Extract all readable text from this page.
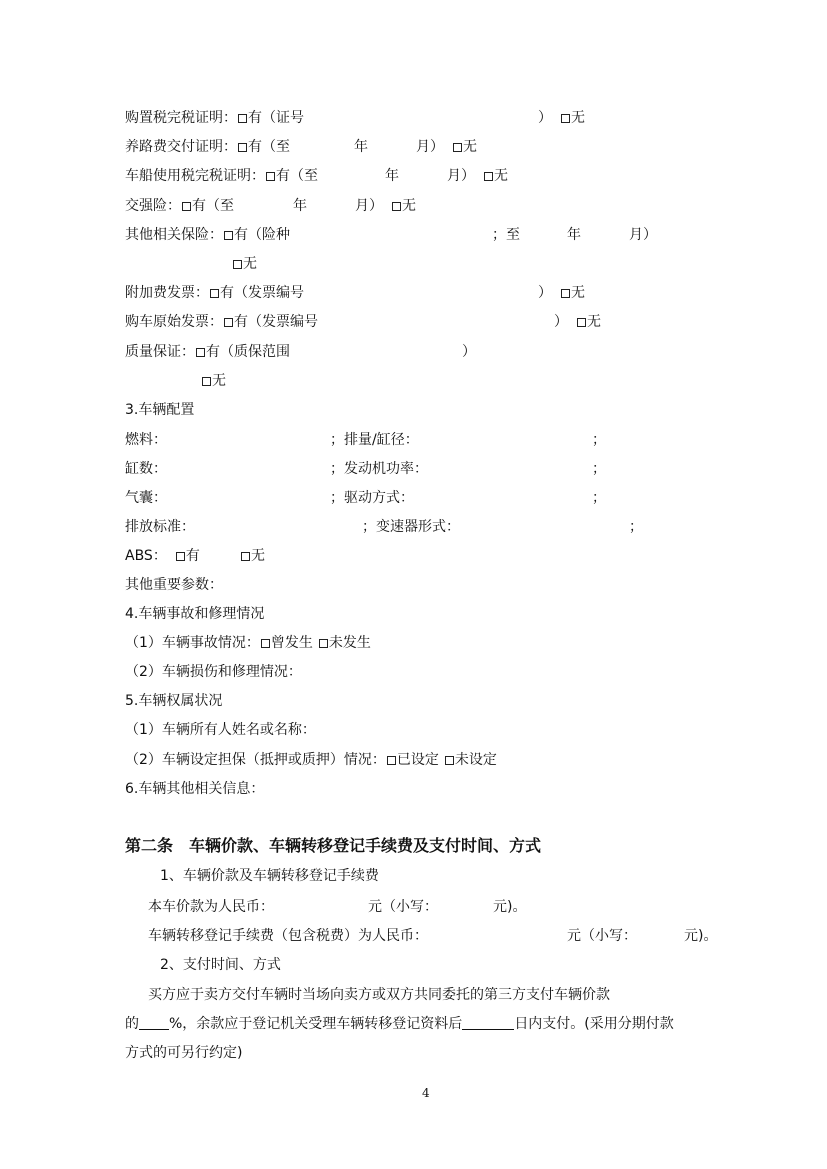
购置税完税证明： 有（证号	） 无
养路费交付证明： 有（至	年	月） 无
车船使用税完税证明： 有（至	年	月） 无
交强险： 有（至	年	月） 无
其他相关保险： 有（险种	；至	年	月）
无
附加费发票： 有（发票编号	） 无
购车原始发票： 有（发票编号	） 无
质量保证： 有（质保范围	）
无
3.车辆配置
燃料：	；排量/缸径：	；
缸数：	；发动机功率：	；
气囊：	；驱动方式：	；
排放标准：	；变速器形式：	；
ABS： 有	无
其他重要参数：
4.车辆事故和修理情况
（1）车辆事故情况： 曾发生 未发生
（2）车辆损伤和修理情况：
5.车辆权属状况
（1）车辆所有人姓名或名称：
（2）车辆设定担保（抵押或质押）情况： 已设定 未设定
6.车辆其他相关信息：
第二条　车辆价款、车辆转移登记手续费及支付时间、方式
1、车辆价款及车辆转移登记手续费
本车价款为人民币：	元（小写：	元)。
车辆转移登记手续费（包含税费）为人民币：	元（小写：	元)。
2、支付时间、方式
买方应于卖方交付车辆时当场向卖方或双方共同委托的第三方支付车辆价款
的 %，余款应于登记机关受理车辆转移登记资料后	日内支付。(采用分期付款
方式的可另行约定)
4
